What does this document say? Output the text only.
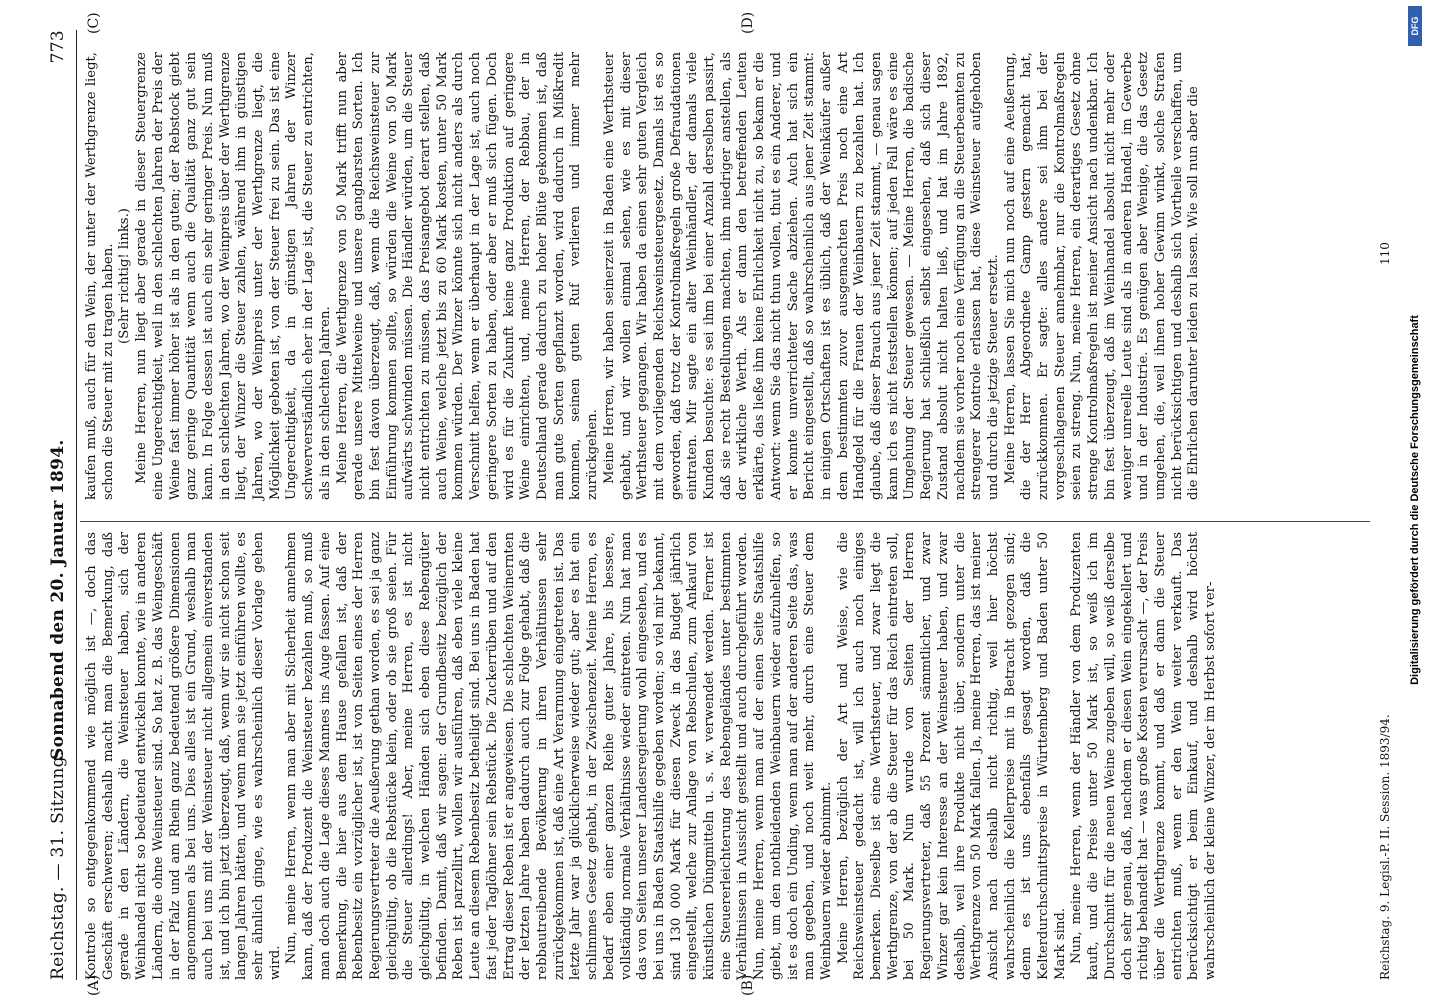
Reichstag. — 31. Sitzung.
Sonnabend den 20. Januar 1894.
773
(A)	(B)
(C)	(D)

Kontrole so entgegenkommend wie möglich ist —, doch das Geschäft erschweren; deshalb macht man die Bemerkung, daß gerade in den Ländern, die Weinsteuer haben, sich der Weinhandel nicht so bedeutend entwickeln konnte, wie in anderen Ländern, die ohne Weinsteuer sind. So hat z. B. das Weingeschäft in der Pfalz und am Rhein ganz bedeutend größere Dimensionen angenommen als bei uns. Dies alles ist ein Grund, weshalb man auch bei uns mit der Weinsteuer nicht allgemein einverstanden ist, und ich bin jetzt überzeugt, daß, wenn wir sie nicht schon seit langen Jahren hätten, und wenn man sie jetzt einführen wollte, es sehr ähnlich ginge, wie es wahrscheinlich dieser Vorlage gehen wird. Nun, meine Herren, wenn man aber mit Sicherheit annehmen kann, daß der Produzent die Weinsteuer bezahlen muß, so muß man doch auch die Lage dieses Mannes ins Auge fassen. Auf eine Bemerkung, die hier aus dem Hause gefallen ist, daß der Rebenbesitz ein vorzüglicher ist, ist von Seiten eines der Herren Regierungsvertreter die Aeußerung gethan worden, es sei ja ganz gleichgültig, ob die Rebstücke klein, oder ob sie groß seien. Für die Steuer allerdings! Aber, meine Herren, es ist nicht gleichgültig, in welchen Händen sich eben diese Rebengüter befinden. Damit, daß wir sagen: der Grundbesitz bezüglich der Reben ist parzellirt, wollen wir ausführen, daß eben viele kleine Leute an diesem Rebenbesitz betheiligt sind. Bei uns in Baden hat fast jeder Taglöhner sein Rebstück. Die Zuckerrüben und auf den Ertrag dieser Reben ist er angewiesen. Die schlechten Weinernten der letzten Jahre haben dadurch auch zur Folge gehabt, daß die rebbautreibende Bevölkerung in ihren Verhältnissen sehr zurückgekommen ist, daß eine Art Verarmung eingetreten ist. Das letzte Jahr war ja glücklicherweise wieder gut; aber es hat ein schlimmes Gesetz gehabt, in der Zwischenzeit. Meine Herren, es bedarf eben einer ganzen Reihe guter Jahre, bis bessere, vollständig normale Verhältnisse wieder eintreten. Nun hat man das von Seiten unserer Landesregierung wohl eingesehen, und es bei uns in Baden Staatshilfe gegeben worden; so viel mir bekannt, sind 130 000 Mark für diesen Zweck in das Budget jährlich eingestellt, welche zur Anlage von Rebschulen, zum Ankauf von künstlichen Düngmitteln u. s. w. verwendet werden. Ferner ist eine Steuererleichterung des Rebengeländes unter bestimmten Verhältnissen in Aussicht gestellt und auch durchgeführt worden. Nun, meine Herren, wenn man auf der einen Seite Staatshilfe giebt, um den nothleidenden Weinbauern wieder aufzuhelfen, so ist es doch ein Unding, wenn man auf der anderen Seite das, was man gegeben, und noch weit mehr, durch eine Steuer dem Weinbauern wieder abnimmt. Meine Herren, bezüglich der Art und Weise, wie die Reichsweinsteuer gedacht ist, will ich auch noch einiges bemerken. Dieselbe ist eine Werthsteuer, und zwar liegt die Werthgrenze, von der ab die Steuer für das Reich eintreten soll, bei 50 Mark. Nun wurde von Seiten der Herren Regierungsvertreter, daß 55 Prozent sämmtlicher, und zwar Winzer gar kein Interesse an der Weinsteuer haben, und zwar deshalb, weil ihre Produkte nicht über, sondern unter die Werthgrenze von 50 Mark fallen. Ja, meine Herren, das ist meiner Ansicht nach deshalb nicht richtig, weil hier höchst wahrscheinlich die Kellerpreise mit in Betracht gezogen sind; denn es ist uns ebenfalls gesagt worden, daß die Kelterdurchschnittspreise in Württemberg und Baden unter 50 Mark sind. Nun, meine Herren, wenn der Händler von dem Produzenten kauft, und die Preise unter 50 Mark ist, so weiß ich im Durchschnitt für die neuen Weine zugeben will, so weiß derselbe doch sehr genau, daß, nachdem er diesen Wein eingekellert und richtig behandelt hat — was große Kosten verursacht —, der Preis über die Werthgrenze kommt, und daß er dann die Steuer entrichten muß, wenn er den Wein weiter verkauft. Das berücksichtigt er beim Einkauf, und deshalb wird höchst wahrscheinlich der kleine Winzer, der im Herbst sofort ver-

kaufen muß, auch für den Wein, der unter der Werthgrenze liegt, schon die Steuer mit zu tragen haben. (Sehr richtig! links.) Meine Herren, nun liegt aber gerade in dieser Steuergrenze eine Ungerechtigkeit, weil in den schlechten Jahren der Preis der Weine fast immer höher ist als in den guten; der Rebstock giebt ganz geringe Quantität wenn auch die Qualität ganz gut sein kann. In Folge dessen ist auch ein sehr geringer Preis. Nun muß in den schlechten Jahren, wo der Weinpreis über der Werthgrenze liegt, der Winzer die Steuer zahlen, während ihm in günstigen Jahren, wo der Weinpreis unter der Werthgrenze liegt, die Möglichkeit geboten ist, von der Steuer frei zu sein. Das ist eine Ungerechtigkeit, da in günstigen Jahren der Winzer schwerverständlich eher in der Lage ist, die Steuer zu entrichten, als in den schlechten Jahren. Meine Herren, die Werthgrenze von 50 Mark trifft nun aber gerade unsere Mittelweine und unsere gangbarsten Sorten. Ich bin fest davon überzeugt, daß, wenn die Reichsweinsteuer zur Einführung kommen sollte, so würden die Weine von 50 Mark aufwärts schwinden müssen. Die Händler würden, um die Steuer nicht entrichten zu müssen, das Preisangebot derart stellen, daß auch Weine, welche jetzt bis zu 60 Mark kosten, unter 50 Mark kommen würden. Der Winzer könnte sich nicht anders als durch Verschnitt helfen, wenn er überhaupt in der Lage ist, auch noch geringere Sorten zu haben, oder aber er muß sich fügen. Doch wird es für die Zukunft keine ganz Produktion auf geringere Weine einrichten, und, meine Herren, der Rebbau, der in Deutschland gerade dadurch zu hoher Blüte gekommen ist, daß man gute Sorten gepflanzt worden, wird dadurch in Mißkredit kommen, seinen guten Ruf verlieren und immer mehr zurückgehen. Meine Herren, wir haben seinerzeit in Baden eine Werthsteuer gehabt, und wir wollen einmal sehen, wie es mit dieser Werthsteuer gegangen. Wir haben da einen sehr guten Vergleich mit dem vorliegenden Reichsweinsteuergesetz. Damals ist es so geworden, daß trotz der Kontrolmaßregeln große Defraudationen eintraten. Mir sagte ein alter Weinhändler, der damals viele Kunden besuchte: es sei ihm bei einer Anzahl derselben passirt, daß sie recht Bestellungen machten, ihm niedriger anstellen, als der wirkliche Werth. Als er dann den betreffenden Leuten erklärte, das ließe ihm keine Ehrlichkeit nicht zu, so bekam er die Antwort: wenn Sie das nicht thun wollen, thut es ein Anderer, und er konnte unverrichteter Sache abziehen. Auch hat sich ein Bericht eingestellt, daß so wahrscheinlich aus jener Zeit stammt: in einigen Ortschaften ist es üblich, daß der Weinkäufer außer dem bestimmten zuvor ausgemachten Preis noch eine Art Handgeld für die Frauen der Weinbauern zu bezahlen hat. Ich glaube, daß dieser Brauch aus jener Zeit stammt, — genau sagen kann ich es nicht feststellen können; auf jeden Fall wäre es eine Umgehung der Steuer gewesen. — Meine Herren, die badische Regierung hat schließlich selbst eingesehen, daß sich dieser Zustand absolut nicht halten ließ, und hat im Jahre 1892, nachdem sie vorher noch eine Verfügung an die Steuerbeamten zu strengerer Kontrole erlassen hat, diese Weinsteuer aufgehoben und durch die jetzige Steuer ersetzt. Meine Herren, lassen Sie mich nun noch auf eine Aeußerung, die der Herr Abgeordnete Gamp gestern gemacht hat, zurückkommen. Er sagte: alles andere sei ihm bei der vorgeschlagenen Steuer annehmbar, nur die Kontrolmaßregeln seien zu streng. Nun, meine Herren, ein derartiges Gesetz ohne strenge Kontrolmaßregeln ist meiner Ansicht nach undenkbar. Ich bin fest überzeugt, daß im Weinhandel absolut nicht mehr oder weniger unreelle Leute sind als in anderen Handel, im Gewerbe und in der Industrie. Es genügen aber Wenige, die das Gesetz umgehen, die, weil ihnen hoher Gewinn winkt, solche Strafen nicht berücksichtigen und deshalb sich Vortheile verschaffen, um die Ehrlichen darunter leiden zu lassen. Wie soll nun aber die

Reichstag. 9. Legisl.-P. II. Session. 1893/94.
110
DFG
Digitalisierung gefördert durch die Deutsche Forschungsgemeinschaft
